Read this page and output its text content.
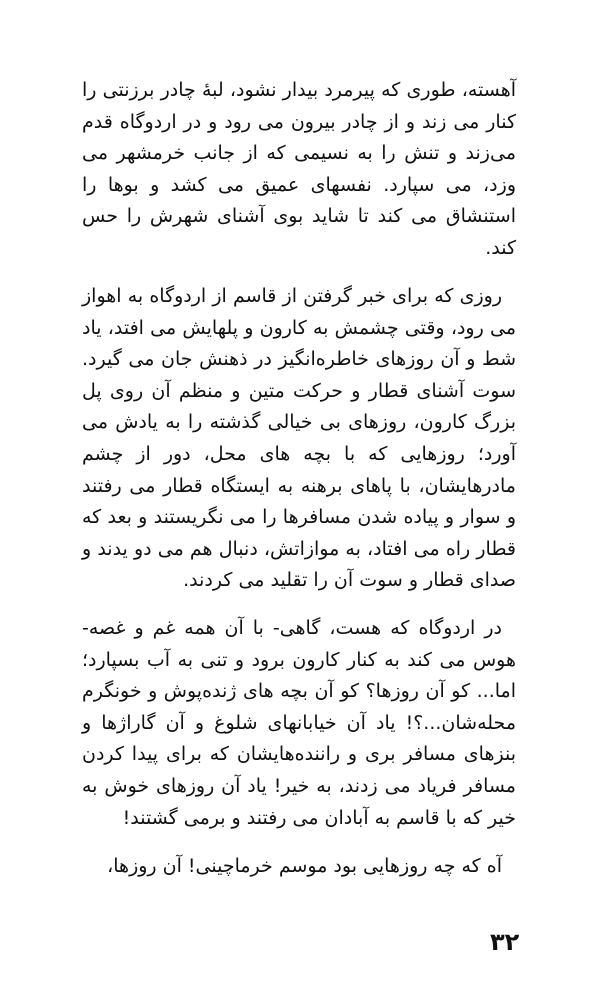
آهسته، طوری که پیرمرد بیدار نشود، لبهٔ چادر برزنتی را کنار می زند و از چادر بیرون می رود و در اردوگاه قدم می‌زند و تنش را به نسیمی که از جانب خرمشهر می وزد، می سپارد. نفسهای عمیق می کشد و بوها را استنشاق می کند تا شاید بوی آشنای شهرش را حس کند.

روزی که برای خبر گرفتن از قاسم از اردوگاه به اهواز می رود، وقتی چشمش به کارون و پلهایش می افتد، یاد شط و آن روزهای خاطره‌انگیز در ذهنش جان می گیرد. سوت آشنای قطار و حرکت متین و منظم آن روی پل بزرگ کارون، روزهای بی خیالی گذشته را به یادش می آورد؛ روزهایی که با بچه های محل، دور از چشم مادرهایشان، با پاهای برهنه به ایستگاه قطار می رفتند و سوار و پیاده شدن مسافرها را می نگریستند و بعد که قطار راه می افتاد، به موازاتش، دنبال هم می دو یدند و صدای قطار و سوت آن را تقلید می کردند.

در اردوگاه که هست، گاهی- با آن همه غم و غصه- هوس می کند به کنار کارون برود و تنی به آب بسپارد؛ اما... کو آن روزها؟ کو آن بچه های ژنده‌پوش و خونگرم محله‌شان...؟! یاد آن خیابانهای شلوغ و آن گاراژها و بنزهای مسافر بری و راننده‌هایشان که برای پیدا کردن مسافر فریاد می زدند، به خیر! یاد آن روزهای خوش به خیر که با قاسم به آبادان می رفتند و برمی گشتند!

آه که چه روزهایی بود موسم خرماچینی! آن روزها،

۳۲
